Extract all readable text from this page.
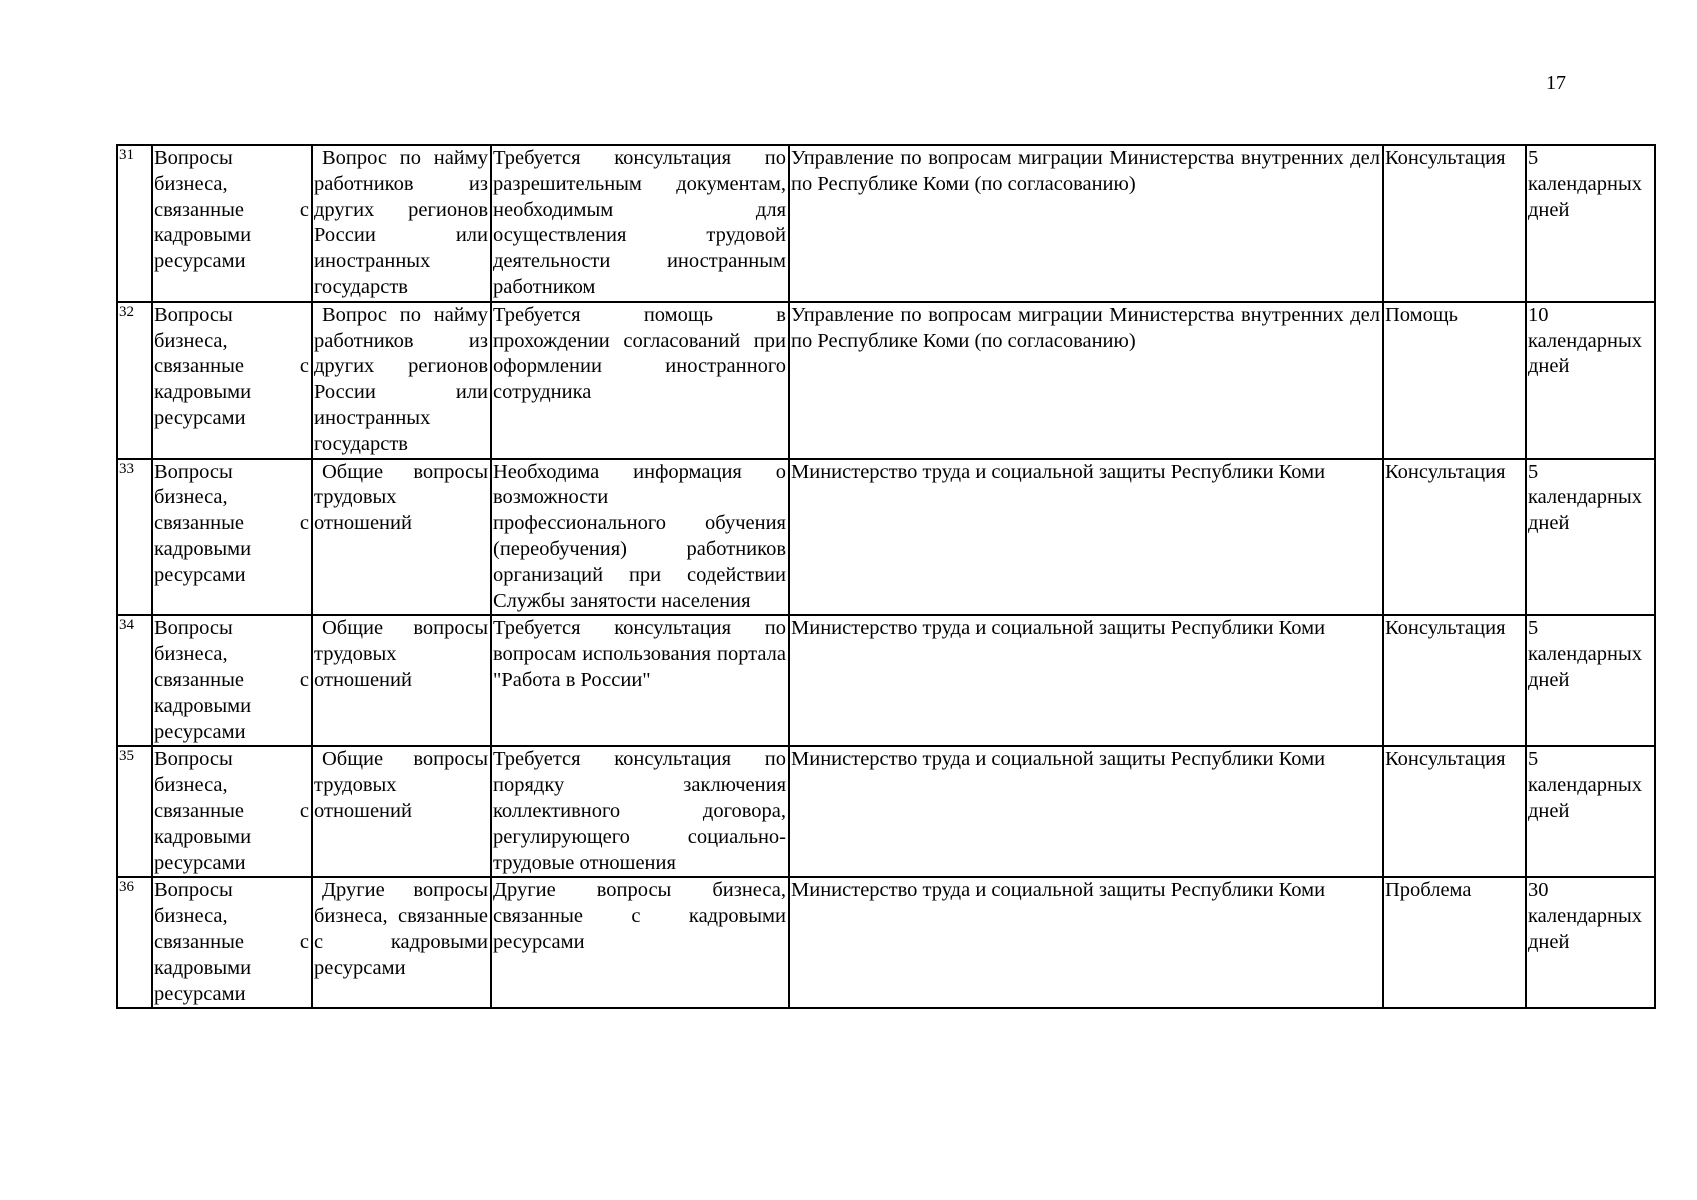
17
31	Вопросы бизнеса, связанные с кадровыми ресурсами	Вопрос по найму работников из других регионов России или иностранных государств	Требуется консультация по разрешительным документам, необходимым для осуществления трудовой деятельности иностранным работником	Управление по вопросам миграции Министерства внутренних дел по Республике Коми (по согласованию)	Консультация	5 календарных дней
32	Вопросы бизнеса, связанные с кадровыми ресурсами	Вопрос по найму работников из других регионов России или иностранных государств	Требуется помощь в прохождении согласований при оформлении иностранного сотрудника	Управление по вопросам миграции Министерства внутренних дел по Республике Коми (по согласованию)	Помощь	10 календарных дней
33	Вопросы бизнеса, связанные с кадровыми ресурсами	Общие вопросы трудовых отношений	Необходима информация о возможности профессионального обучения (переобучения) работников организаций при содействии Службы занятости населения	Министерство труда и социальной защиты Республики Коми	Консультация	5 календарных дней
34	Вопросы бизнеса, связанные с кадровыми ресурсами	Общие вопросы трудовых отношений	Требуется консультация по вопросам использования портала "Работа в России"	Министерство труда и социальной защиты Республики Коми	Консультация	5 календарных дней
35	Вопросы бизнеса, связанные с кадровыми ресурсами	Общие вопросы трудовых отношений	Требуется консультация по порядку заключения коллективного договора, регулирующего социально-трудовые отношения	Министерство труда и социальной защиты Республики Коми	Консультация	5 календарных дней
36	Вопросы бизнеса, связанные с кадровыми ресурсами	Другие вопросы бизнеса, связанные с кадровыми ресурсами	Другие вопросы бизнеса, связанные с кадровыми ресурсами	Министерство труда и социальной защиты Республики Коми	Проблема	30 календарных дней
